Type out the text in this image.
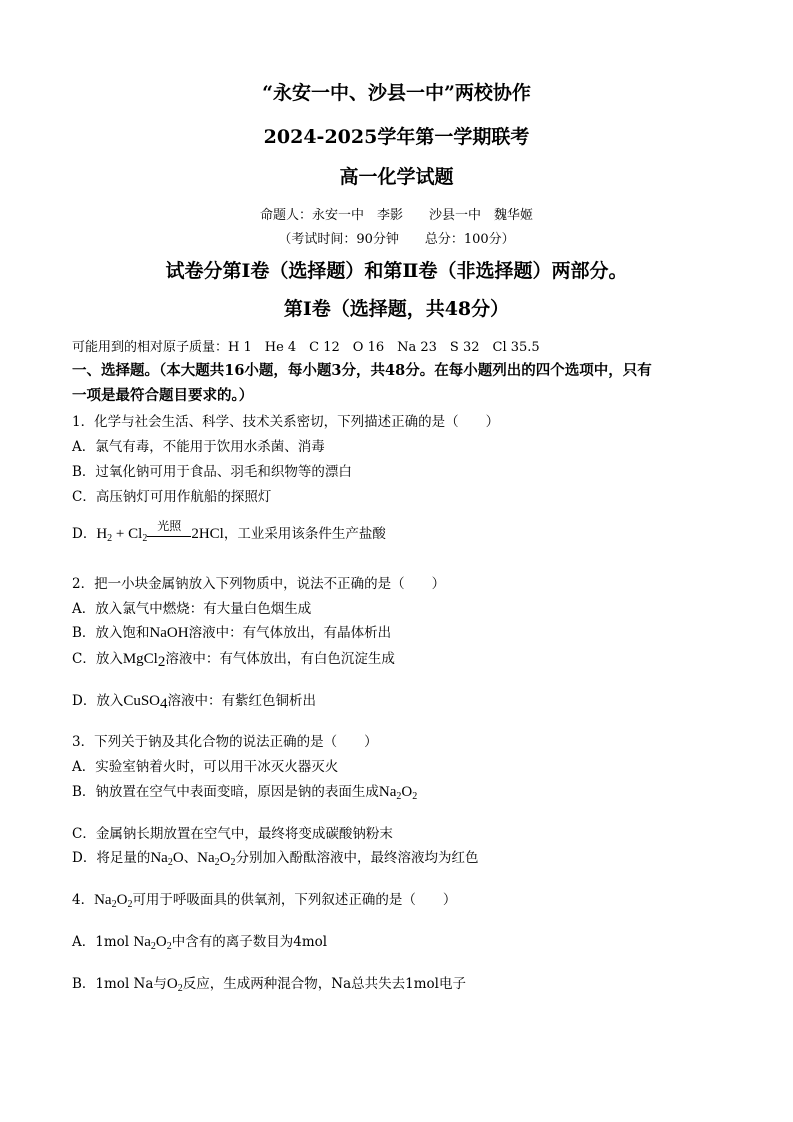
“永安一中、沙县一中”两校协作
2024-2025学年第一学期联考
高一化学试题
命题人：永安一中　李影　　沙县一中　魏华姬
（考试时间：90分钟　　总分：100分）
试卷分第Ⅰ卷（选择题）和第Ⅱ卷（非选择题）两部分。
第Ⅰ卷（选择题，共48分）
可能用到的相对原子质量：H 1　He 4　C 12　O 16　Na 23　S 32　Cl 35.5
一、选择题。（本大题共16小题，每小题3分，共48分。在每小题列出的四个选项中，只有
一项是最符合题目要求的。）
1．化学与社会生活、科学、技术关系密切，下列描述正确的是（　　）
A．氯气有毒，不能用于饮用水杀菌、消毒
B．过氧化钠可用于食品、羽毛和织物等的漂白
C．高压钠灯可用作航船的探照灯
D．$H_2 + Cl_2$
光照
2HCl，工业采用该条件生产盐酸
2．把一小块金属钠放入下列物质中，说法不正确的是（　　）
A．放入氯气中燃烧：有大量白色烟生成
B．放入饱和NaOH溶液中：有气体放出，有晶体析出
C．放入MgCl$_2$溶液中：有气体放出，有白色沉淀生成
D．放入CuSO$_4$溶液中：有紫红色铜析出
3．下列关于钠及其化合物的说法正确的是（　　）
A．实验室钠着火时，可以用干冰灭火器灭火
B．钠放置在空气中表面变暗，原因是钠的表面生成$Na_2O_2$
C．金属钠长期放置在空气中，最终将变成碳酸钠粉末
D．将足量的$Na_2O$、$Na_2O_2$分别加入酚酞溶液中，最终溶液均为红色
4．$Na_2O_2$可用于呼吸面具的供氧剂，下列叙述正确的是（　　）
A．1mol $Na_2O_2$中含有的离子数目为4mol
B．1mol Na与$O_2$反应，生成两种混合物，Na总共失去1mol电子
